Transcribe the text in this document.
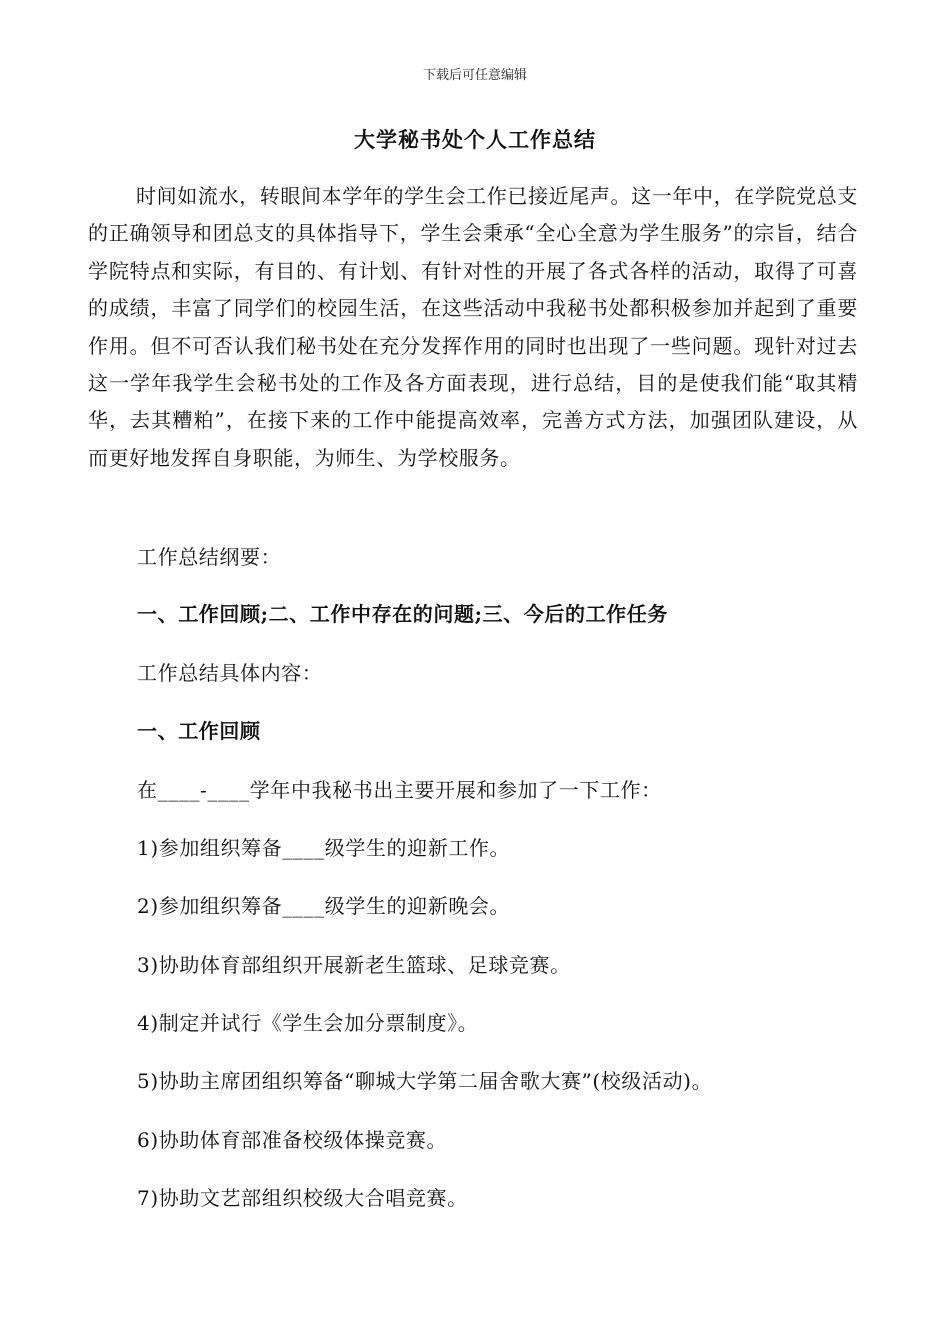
下载后可任意编辑
大学秘书处个人工作总结

时间如流水，转眼间本学年的学生会工作已接近尾声。这一年中，在学院党总支的正确领导和团总支的具体指导下，学生会秉承“全心全意为学生服务”的宗旨，结合学院特点和实际，有目的、有计划、有针对性的开展了各式各样的活动，取得了可喜的成绩，丰富了同学们的校园生活，在这些活动中我秘书处都积极参加并起到了重要作用。但不可否认我们秘书处在充分发挥作用的同时也出现了一些问题。现针对过去这一学年我学生会秘书处的工作及各方面表现，进行总结，目的是使我们能“取其精华，去其糟粕”，在接下来的工作中能提高效率，完善方式方法，加强团队建设，从而更好地发挥自身职能，为师生、为学校服务。

工作总结纲要：
一、工作回顾;二、工作中存在的问题;三、今后的工作任务
工作总结具体内容：
一、工作回顾
在____-____学年中我秘书出主要开展和参加了一下工作：
1)参加组织筹备____级学生的迎新工作。
2)参加组织筹备____级学生的迎新晚会。
3)协助体育部组织开展新老生篮球、足球竞赛。
4)制定并试行《学生会加分票制度》。
5)协助主席团组织筹备“聊城大学第二届舍歌大赛”(校级活动)。
6)协助体育部准备校级体操竞赛。
7)协助文艺部组织校级大合唱竞赛。
